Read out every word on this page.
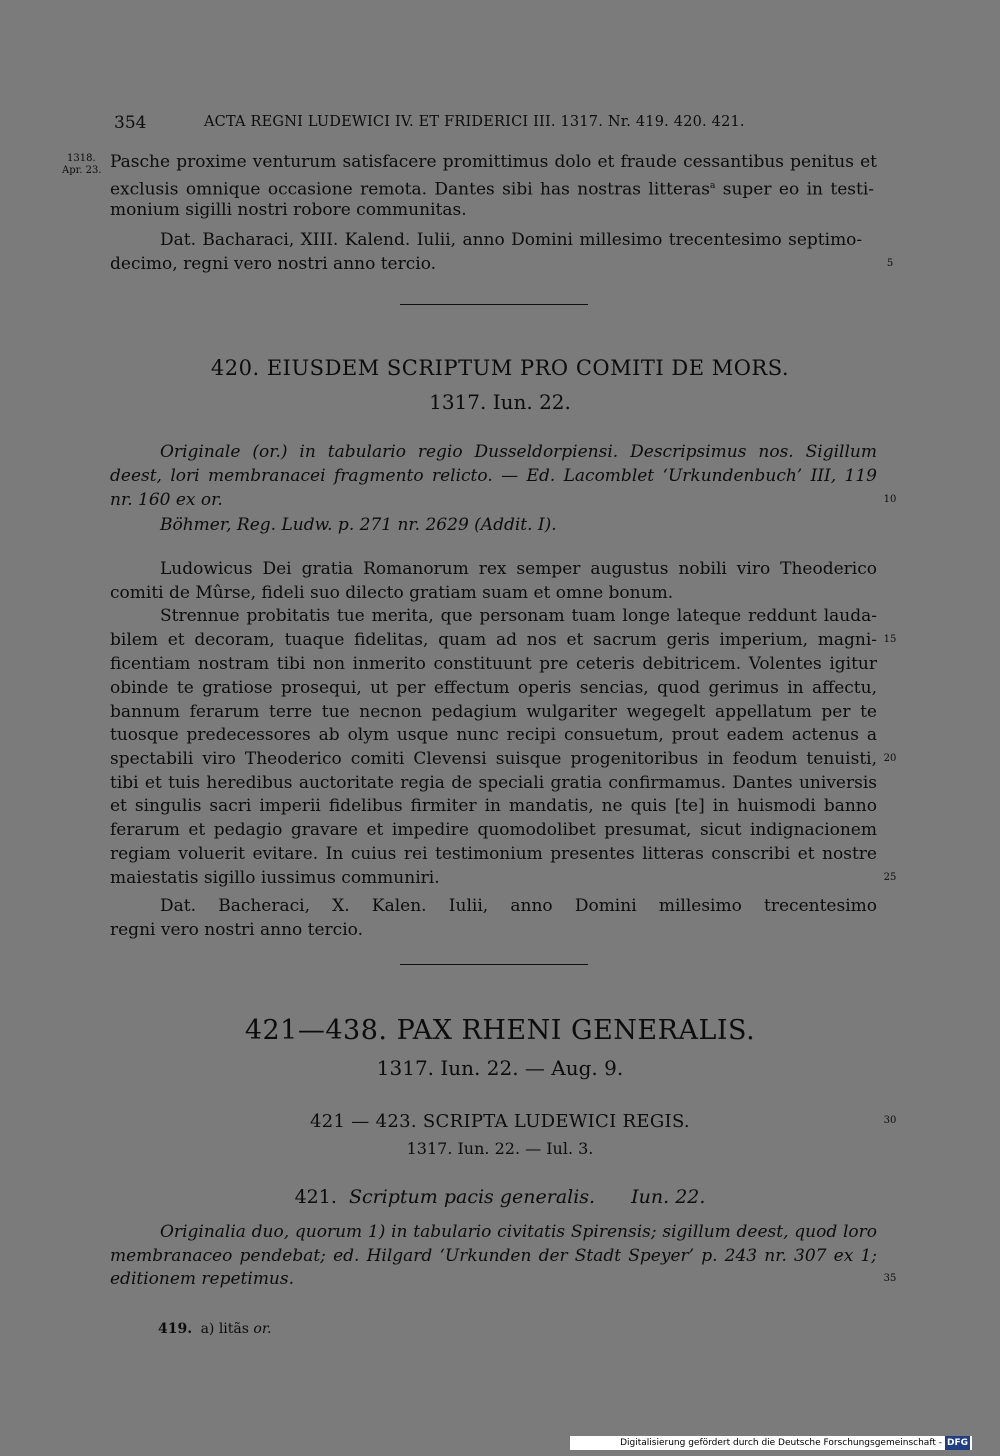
354	ACTA REGNI LUDEWICI IV. ET FRIDERICI III. 1317. Nr. 419. 420. 421.
1318.
Apr. 23. Pasche proxime venturum satisfacere promittimus dolo et fraude cessantibus penitus et
exclusis omnique occasione remota. Dantes sibi has nostras litteras$^a$ super eo in testi-
monium sigilli nostri robore communitas.
Dat. Bacharaci, XIII. Kalend. Iulii, anno Domini millesimo trecentesimo septimo-
decimo, regni vero nostri anno tercio.	5
420. EIUSDEM SCRIPTUM PRO COMITI DE MORS.
1317. Iun. 22.
Originale (or.) in tabulario regio Dusseldorpiensi. Descripsimus nos. Sigillum
deest, lori membranacei fragmento relicto. — Ed. Lacomblet ‘Urkundenbuch’ III, 119
nr. 160 ex or.	10
Böhmer, Reg. Ludw. p. 271 nr. 2629 (Addit. I).
Ludowicus Dei gratia Romanorum rex semper augustus nobili viro Theoderico
comiti de Mûrse, fideli suo dilecto gratiam suam et omne bonum.
Strennue probitatis tue merita, que personam tuam longe lateque reddunt lauda-
bilem et decoram, tuaque fidelitas, quam ad nos et sacrum geris imperium, magni- 15
ficentiam nostram tibi non inmerito constituunt pre ceteris debitricem. Volentes igitur
obinde te gratiose prosequi, ut per effectum operis sencias, quod gerimus in affectu,
bannum ferarum terre tue necnon pedagium wulgariter wegegelt appellatum per te
tuosque predecessores ab olym usque nunc recipi consuetum, prout eadem actenus a
spectabili viro Theoderico comiti Clevensi suisque progenitoribus in feodum tenuisti, 20
tibi et tuis heredibus auctoritate regia de speciali gratia confirmamus. Dantes universis
et singulis sacri imperii fidelibus firmiter in mandatis, ne quis [te] in huismodi banno
ferarum et pedagio gravare et impedire quomodolibet presumat, sicut indignacionem
regiam voluerit evitare. In cuius rei testimonium presentes litteras conscribi et nostre
maiestatis sigillo iussimus communiri.	25
Dat. Bacheraci, X. Kalen. Iulii, anno Domini millesimo trecentesimo
regni vero nostri anno tercio.
421—438. PAX RHENI GENERALIS.
1317. Iun. 22. — Aug. 9.
421 — 423. SCRIPTA LUDEWICI REGIS.	30
1317. Iun. 22. — Iul. 3.
421. Scriptum pacis generalis. Iun. 22.
Originalia duo, quorum 1) in tabulario civitatis Spirensis; sigillum deest, quod loro
membranaceo pendebat; ed. Hilgard ‘Urkunden der Stadt Speyer’ p. 243 nr. 307 ex 1;
editionem repetimus.	35
419. a) litãs or.
Digitalisierung gefördert durch die Deutsche Forschungsgemeinschaft - DFG
